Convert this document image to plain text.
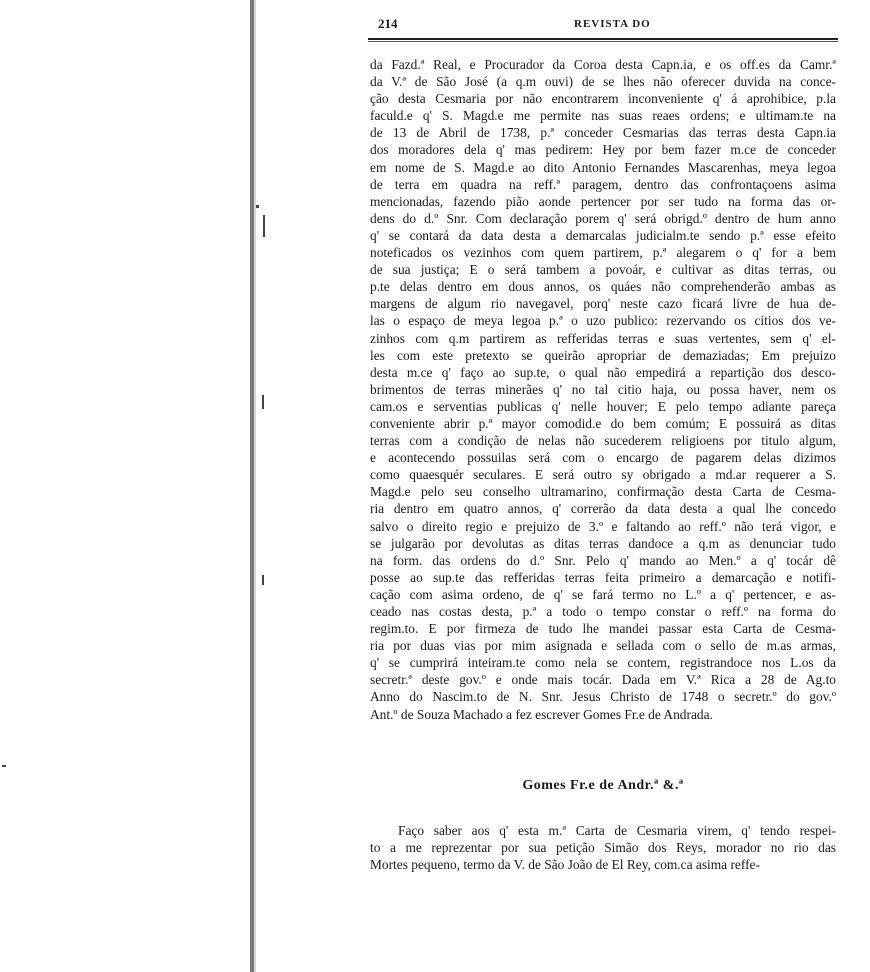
214	REVISTA DO
da Fazd.ª Real, e Procurador da Coroa desta Capn.ia, e os off.es da Camr.ª
da V.ª de São José (a q.m ouvi) de se lhes não oferecer duvida na conce-
ção desta Cesmaria por não encontrarem inconveniente q' á aprohibice, p.la
faculd.e q' S. Magd.e me permite nas suas reaes ordens; e ultimam.te na
de 13 de Abril de 1738, p.ª conceder Cesmarias das terras desta Capn.ia
dos moradores dela q' mas pedirem: Hey por bem fazer m.ce de conceder
em nome de S. Magd.e ao dito Antonio Fernandes Mascarenhas, meya legoa
de terra em quadra na reff.ª paragem, dentro das confrontaçoens asima
mencionadas, fazendo pião aonde pertencer por ser tudo na forma das or-
dens do d.º Snr. Com declaração porem q' será obrigd.º dentro de hum anno
q' se contará da data desta a demarcalas judicialm.te sendo p.ª esse efeito
noteficados os vezinhos com quem partirem, p.ª alegarem o q' for a bem
de sua justiça; E o será tambem a povoár, e cultivar as ditas terras, ou
p.te delas dentro em dous annos, os quáes não comprehenderão ambas as
margens de algum rio navegavel, porq' neste cazo ficará livre de hua de-
las o espaço de meya legoa p.ª o uzo publico: rezervando os citios dos ve-
zinhos com q.m partirem as refferidas terras e suas vertentes, sem q' el-
les com este pretexto se queirão apropriar de demaziadas; Em prejuizo
desta m.ce q' faço ao sup.te, o qual não empedirá a repartição dos desco-
brimentos de terras minerães q' no tal citio haja, ou possa haver, nem os
cam.os e serventias publicas q' nelle houver; E pelo tempo adiante pareça
conveniente abrir p.ª mayor comodid.e do bem comúm; E possuirá as ditas
terras com a condição de nelas não sucederem religioens por titulo algum,
e acontecendo possuilas será com o encargo de pagarem delas dizimos
como quaesquér seculares. E será outro sy obrigado a md.ar requerer a S.
Magd.e pelo seu conselho ultramarino, confirmação desta Carta de Cesma-
ria dentro em quatro annos, q' correrão da data desta a qual lhe concedo
salvo o direito regio e prejuizo de 3.º e faltando ao reff.º não terá vigor, e
se julgarão por devolutas as ditas terras dandoce a q.m as denunciar tudo
na form. das ordens do d.º Snr. Pelo q' mando ao Men.º a q' tocár dê
posse ao sup.te das refferidas terras feita primeiro a demarcação e notifi-
cação com asima ordeno, de q' se fará termo no L.º a q' pertencer, e as-
ceado nas costas desta, p.ª a todo o tempo constar o reff.º na forma do
regim.to. E por firmeza de tudo lhe mandei passar esta Carta de Cesma-
ria por duas vias por mim asignada e sellada com o sello de m.as armas,
q' se cumprirá inteiram.te como nela se contem, registrandoce nos L.os da
secretr.ª deste gov.º e onde mais tocár. Dada em V.ª Rica a 28 de Ag.to
Anno do Nascim.to de N. Snr. Jesus Christo de 1748 o secretr.º do gov.º
Ant.º de Souza Machado a fez escrever Gomes Fr.e de Andrada.
Gomes Fr.e de Andr.ª &.ª
Faço saber aos q' esta m.ª Carta de Cesmaria virem, q' tendo respei-
to a me reprezentar por sua petição Simão dos Reys, morador no rio das
Mortes pequeno, termo da V. de São João de El Rey, com.ca asima reffe-
